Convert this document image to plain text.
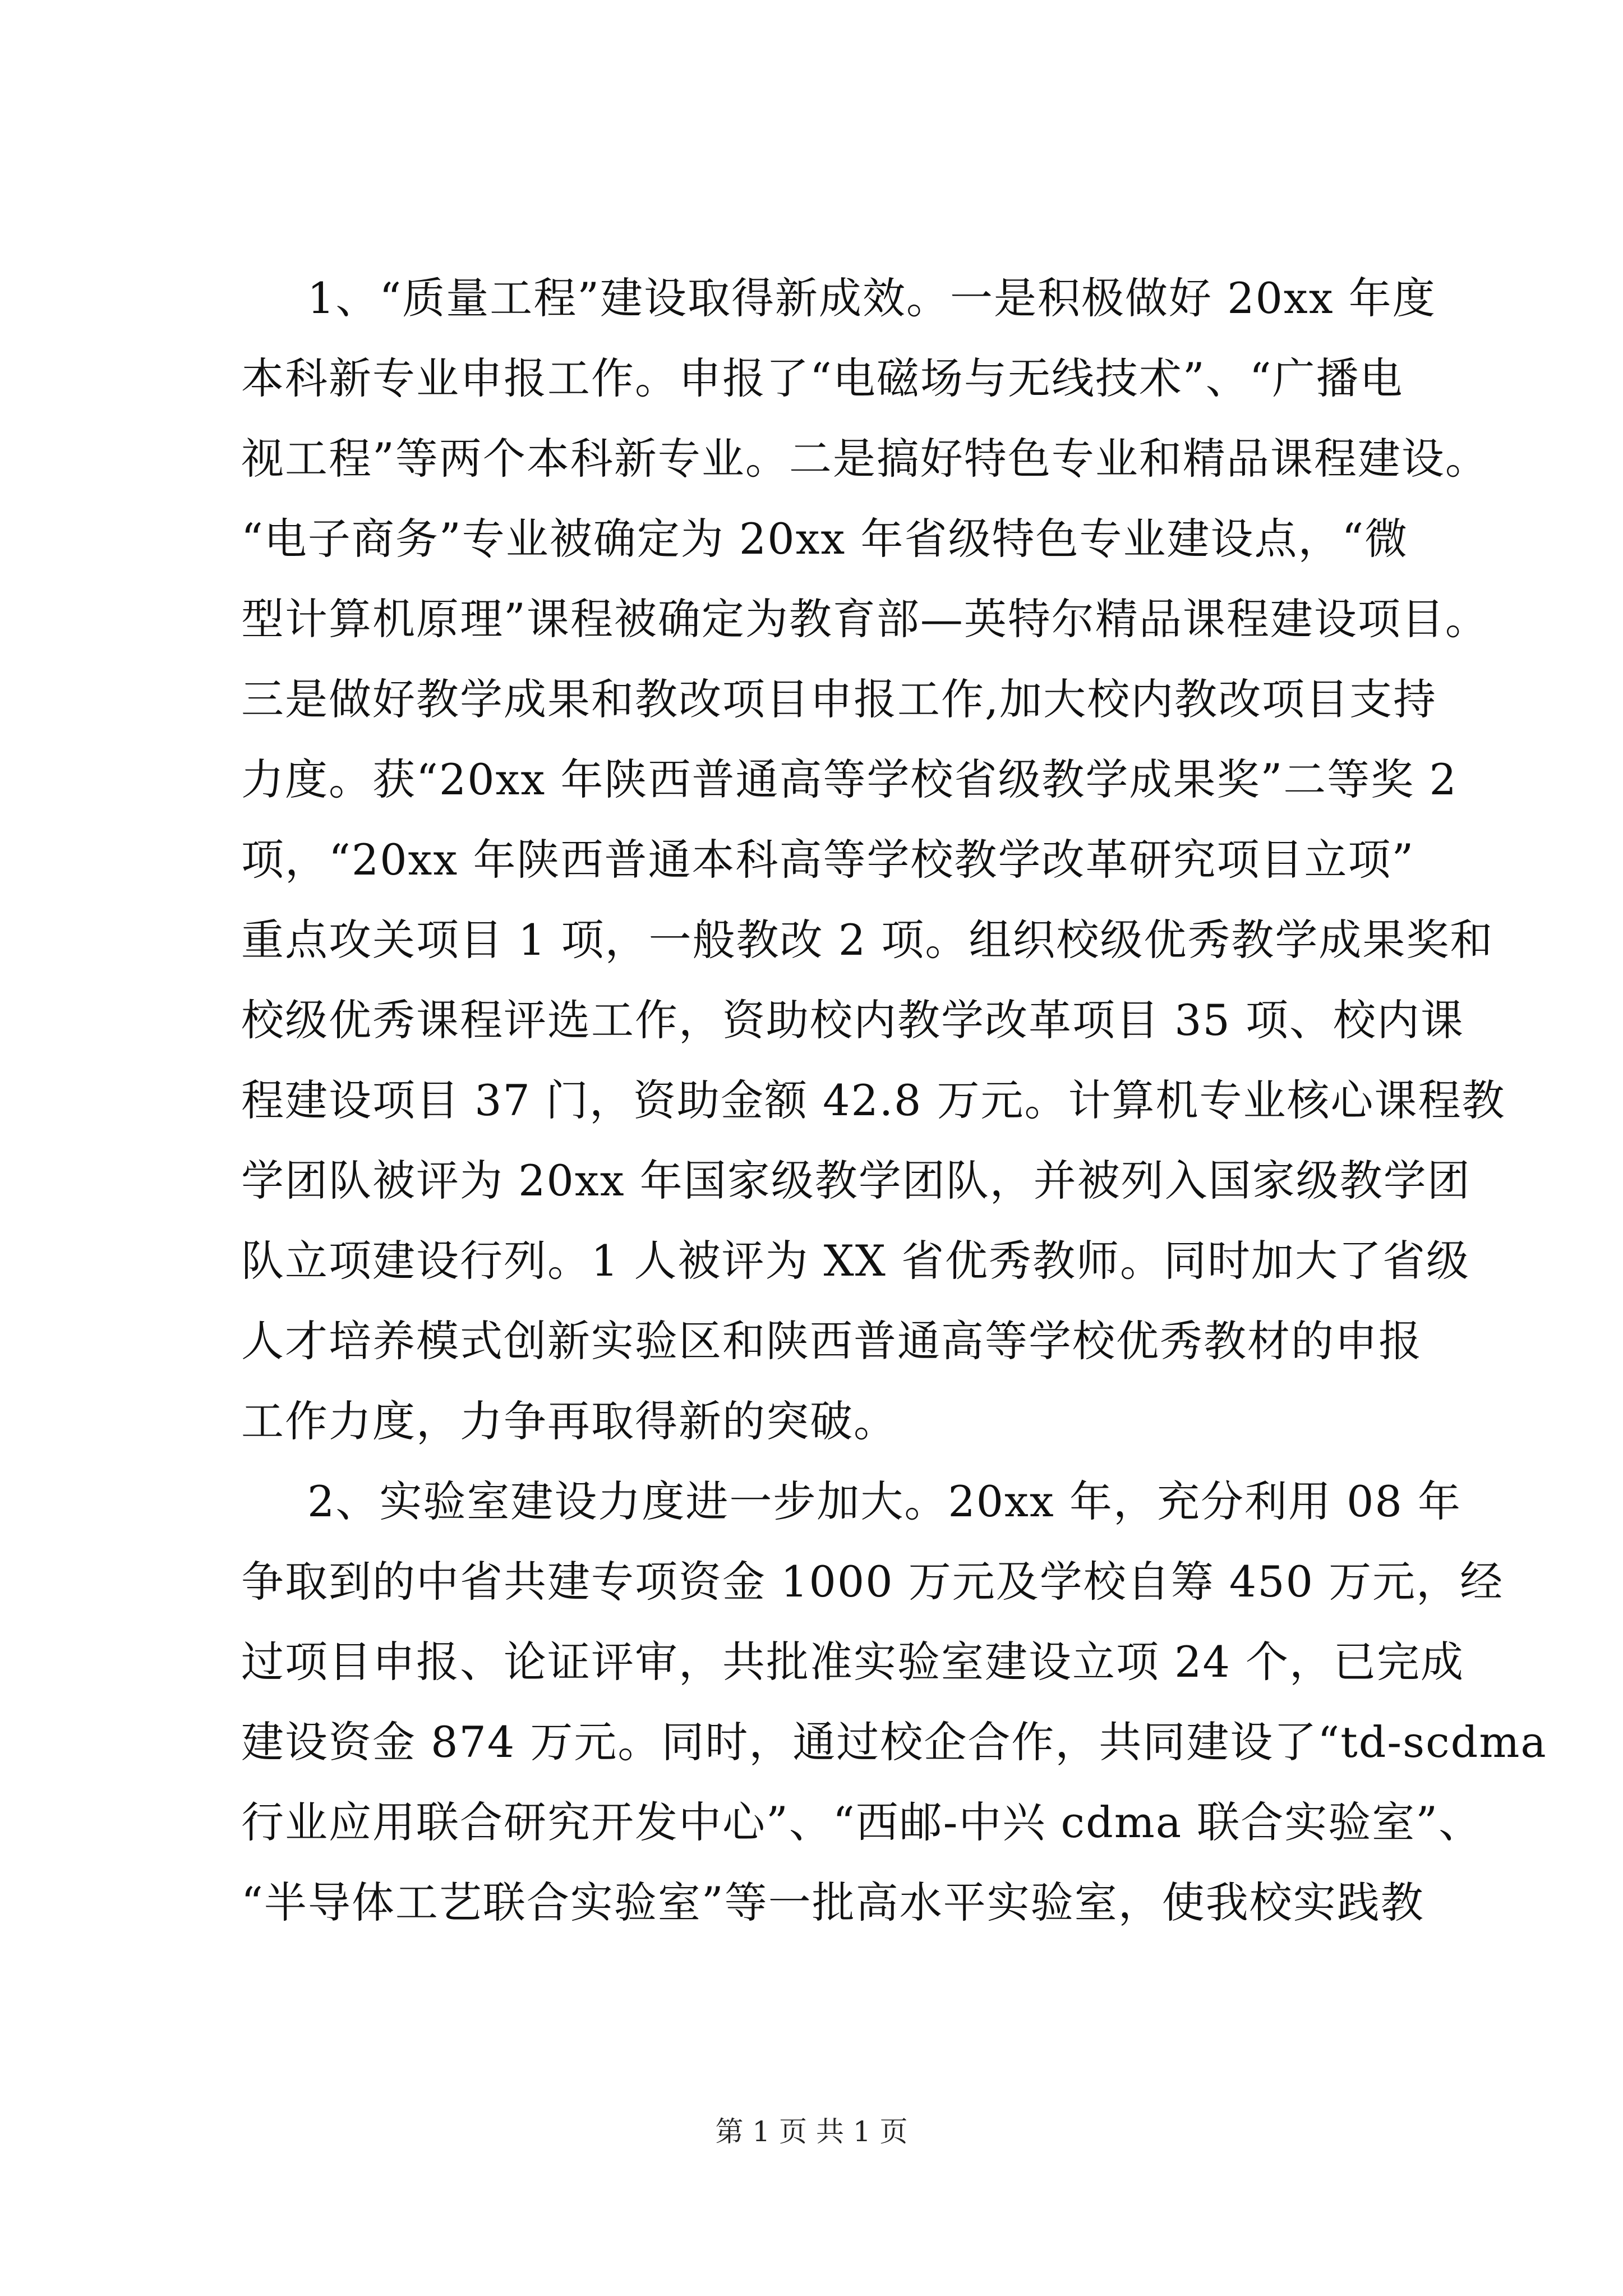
1、“质量工程”建设取得新成效。一是积极做好 20xx 年度
本科新专业申报工作。申报了“电磁场与无线技术”、“广播电
视工程”等两个本科新专业。二是搞好特色专业和精品课程建设。
“电子商务”专业被确定为 20xx 年省级特色专业建设点，“微
型计算机原理”课程被确定为教育部—英特尔精品课程建设项目。
三是做好教学成果和教改项目申报工作,加大校内教改项目支持
力度。获“20xx 年陕西普通高等学校省级教学成果奖”二等奖 2
项，“20xx 年陕西普通本科高等学校教学改革研究项目立项”
重点攻关项目 1 项，一般教改 2 项。组织校级优秀教学成果奖和
校级优秀课程评选工作，资助校内教学改革项目 35 项、校内课
程建设项目 37 门，资助金额 42.8 万元。计算机专业核心课程教
学团队被评为 20xx 年国家级教学团队，并被列入国家级教学团
队立项建设行列。1 人被评为 XX 省优秀教师。同时加大了省级
人才培养模式创新实验区和陕西普通高等学校优秀教材的申报
工作力度，力争再取得新的突破。
2、实验室建设力度进一步加大。20xx 年，充分利用 08 年
争取到的中省共建专项资金 1000 万元及学校自筹 450 万元，经
过项目申报、论证评审，共批准实验室建设立项 24 个，已完成
建设资金 874 万元。同时，通过校企合作，共同建设了“td-scdma
行业应用联合研究开发中心”、“西邮-中兴 cdma 联合实验室”、
“半导体工艺联合实验室”等一批高水平实验室，使我校实践教
第 1 页 共 1 页
